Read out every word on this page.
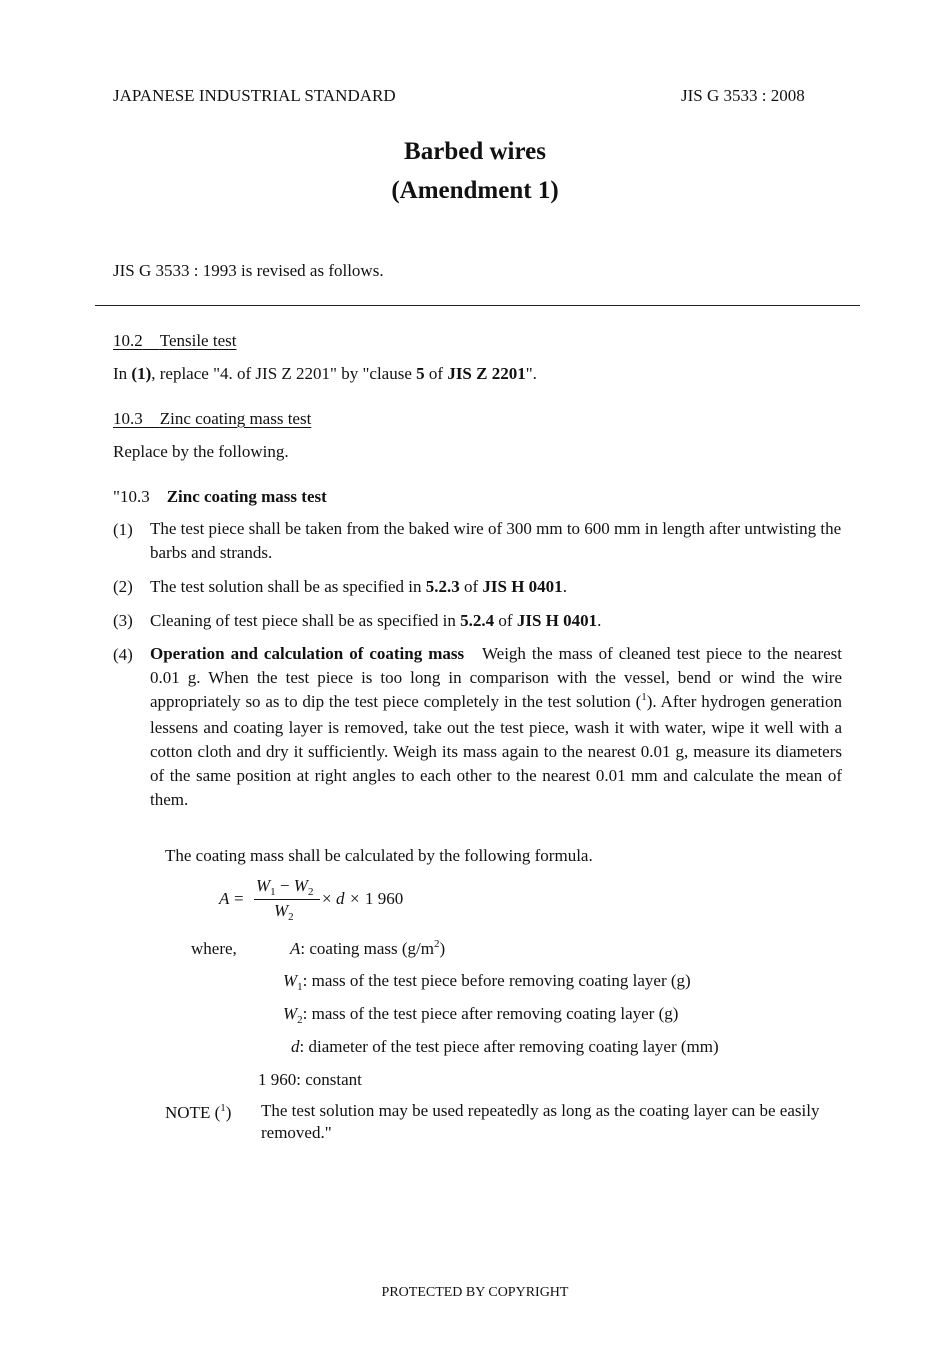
JAPANESE INDUSTRIAL STANDARD	JIS G 3533 : 2008
Barbed wires
(Amendment 1)
JIS G 3533 : 1993 is revised as follows.
10.2 Tensile test
In (1), replace "4. of JIS Z 2201" by "clause 5 of JIS Z 2201".
10.3 Zinc coating mass test
Replace by the following.
"10.3 Zinc coating mass test
(1) The test piece shall be taken from the baked wire of 300 mm to 600 mm in length after untwisting the barbs and strands.
(2) The test solution shall be as specified in 5.2.3 of JIS H 0401.
(3) Cleaning of test piece shall be as specified in 5.2.4 of JIS H 0401.
(4) Operation and calculation of coating mass Weigh the mass of cleaned test piece to the nearest 0.01 g. When the test piece is too long in comparison with the vessel, bend or wind the wire appropriately so as to dip the test piece completely in the test solution ($^1$). After hydrogen generation lessens and coating layer is removed, take out the test piece, wash it with water, wipe it well with a cotton cloth and dry it sufficiently. Weigh its mass again to the nearest 0.01 g, measure its diameters of the same position at right angles to each other to the nearest 0.01 mm and calculate the mean of them.
The coating mass shall be calculated by the following formula.
A =
$W_1 - W_2$
$W_2$
× d × 1 960
where,	A: coating mass $(g/m^2)$
$W_1$: mass of the test piece before removing coating layer (g)
$W_2$: mass of the test piece after removing coating layer (g)
d: diameter of the test piece after removing coating layer (mm)
1 960: constant
NOTE ($^1$) The test solution may be used repeatedly as long as the coating layer can be easily removed."
PROTECTED BY COPYRIGHT
